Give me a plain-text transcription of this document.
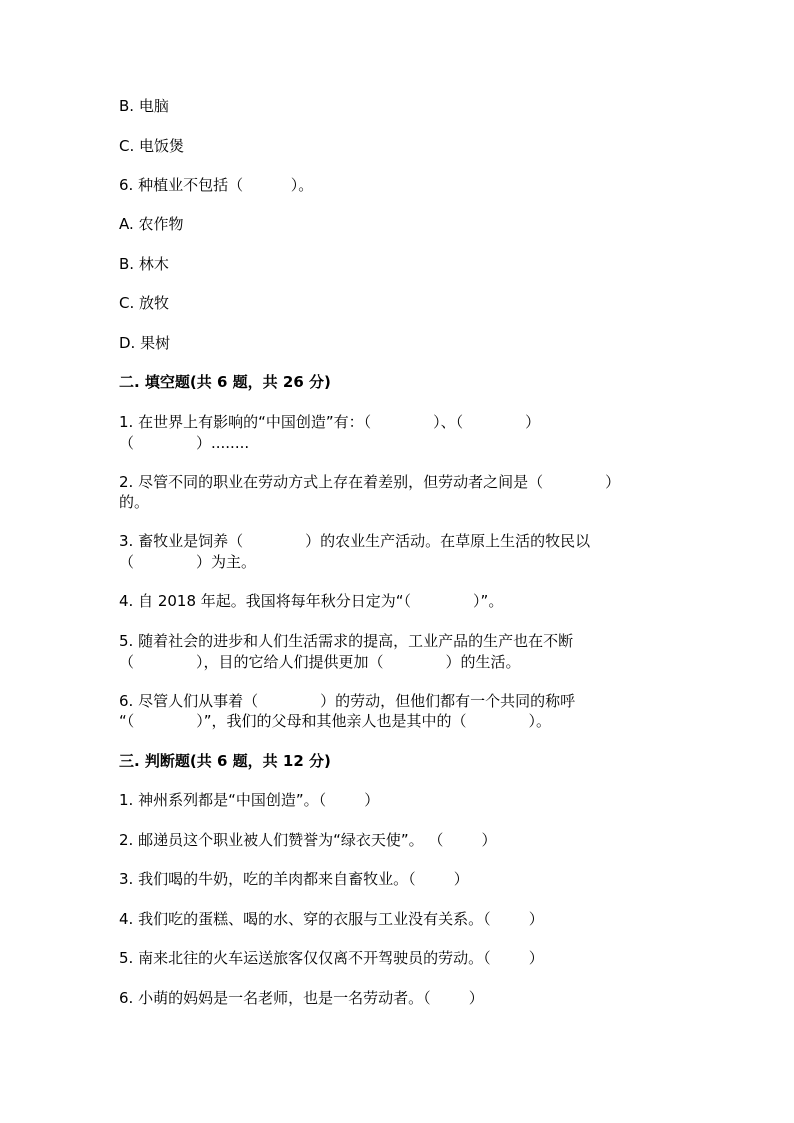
B. 电脑
C. 电饭煲
6. 种植业不包括（          ）。
A. 农作物
B. 林木
C. 放牧
D. 果树
二. 填空题(共 6 题，共 26 分)
1. 在世界上有影响的“中国创造”有：（             ）、（             ）
（             ）........
2. 尽管不同的职业在劳动方式上存在着差别，但劳动者之间是（             ）
的。
3. 畜牧业是饲养（             ）的农业生产活动。在草原上生活的牧民以
（             ）为主。
4. 自 2018 年起。我国将每年秋分日定为“（             ）”。
5. 随着社会的进步和人们生活需求的提高，工业产品的生产也在不断
（             ），目的它给人们提供更加（             ）的生活。
6. 尽管人们从事着（             ）的劳动，但他们都有一个共同的称呼
“（             ）”，我们的父母和其他亲人也是其中的（             ）。
三. 判断题(共 6 题，共 12 分)
1. 神州系列都是“中国创造”。（        ）
2. 邮递员这个职业被人们赞誉为“绿衣天使”。 （        ）
3. 我们喝的牛奶，吃的羊肉都来自畜牧业。（        ）
4. 我们吃的蛋糕、喝的水、穿的衣服与工业没有关系。（        ）
5. 南来北往的火车运送旅客仅仅离不开驾驶员的劳动。（        ）
6. 小萌的妈妈是一名老师，也是一名劳动者。（        ）
